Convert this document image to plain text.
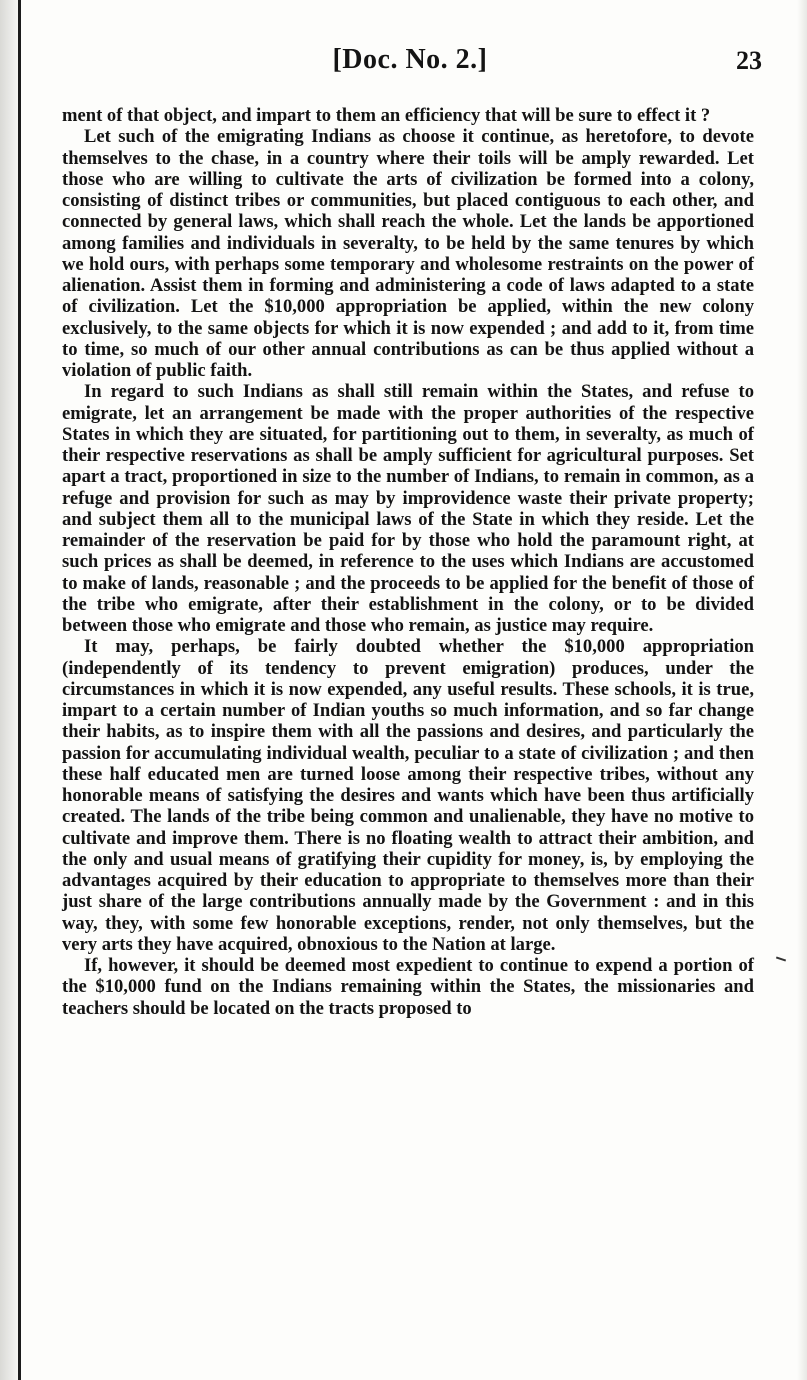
[Doc. No. 2.]	23

ment of that object, and impart to them an efficiency that will be sure to effect it ?

Let such of the emigrating Indians as choose it continue, as heretofore, to devote themselves to the chase, in a country where their toils will be amply rewarded. Let those who are willing to cultivate the arts of civilization be formed into a colony, consisting of distinct tribes or communities, but placed contiguous to each other, and connected by general laws, which shall reach the whole. Let the lands be apportioned among families and individuals in severalty, to be held by the same tenures by which we hold ours, with perhaps some temporary and wholesome restraints on the power of alienation. Assist them in forming and administering a code of laws adapted to a state of civilization. Let the $10,000 appropriation be applied, within the new colony exclusively, to the same objects for which it is now expended ; and add to it, from time to time, so much of our other annual contributions as can be thus applied without a violation of public faith.

In regard to such Indians as shall still remain within the States, and refuse to emigrate, let an arrangement be made with the proper authorities of the respective States in which they are situated, for partitioning out to them, in severalty, as much of their respective reservations as shall be amply sufficient for agricultural purposes. Set apart a tract, proportioned in size to the number of Indians, to remain in common, as a refuge and provision for such as may by improvidence waste their private property; and subject them all to the municipal laws of the State in which they reside. Let the remainder of the reservation be paid for by those who hold the paramount right, at such prices as shall be deemed, in reference to the uses which Indians are accustomed to make of lands, reasonable ; and the proceeds to be applied for the benefit of those of the tribe who emigrate, after their establishment in the colony, or to be divided between those who emigrate and those who remain, as justice may require.

It may, perhaps, be fairly doubted whether the $10,000 appropriation (independently of its tendency to prevent emigration) produces, under the circumstances in which it is now expended, any useful results. These schools, it is true, impart to a certain number of Indian youths so much information, and so far change their habits, as to inspire them with all the passions and desires, and particularly the passion for accumulating individual wealth, peculiar to a state of civilization ; and then these half educated men are turned loose among their respective tribes, without any honorable means of satisfying the desires and wants which have been thus artificially created. The lands of the tribe being common and unalienable, they have no motive to cultivate and improve them. There is no floating wealth to attract their ambition, and the only and usual means of gratifying their cupidity for money, is, by employing the advantages acquired by their education to appropriate to themselves more than their just share of the large contributions annually made by the Government : and in this way, they, with some few honorable exceptions, render, not only themselves, but the very arts they have acquired, obnoxious to the Nation at large.

If, however, it should be deemed most expedient to continue to expend a portion of the $10,000 fund on the Indians remaining within the States, the missionaries and teachers should be located on the tracts proposed to
